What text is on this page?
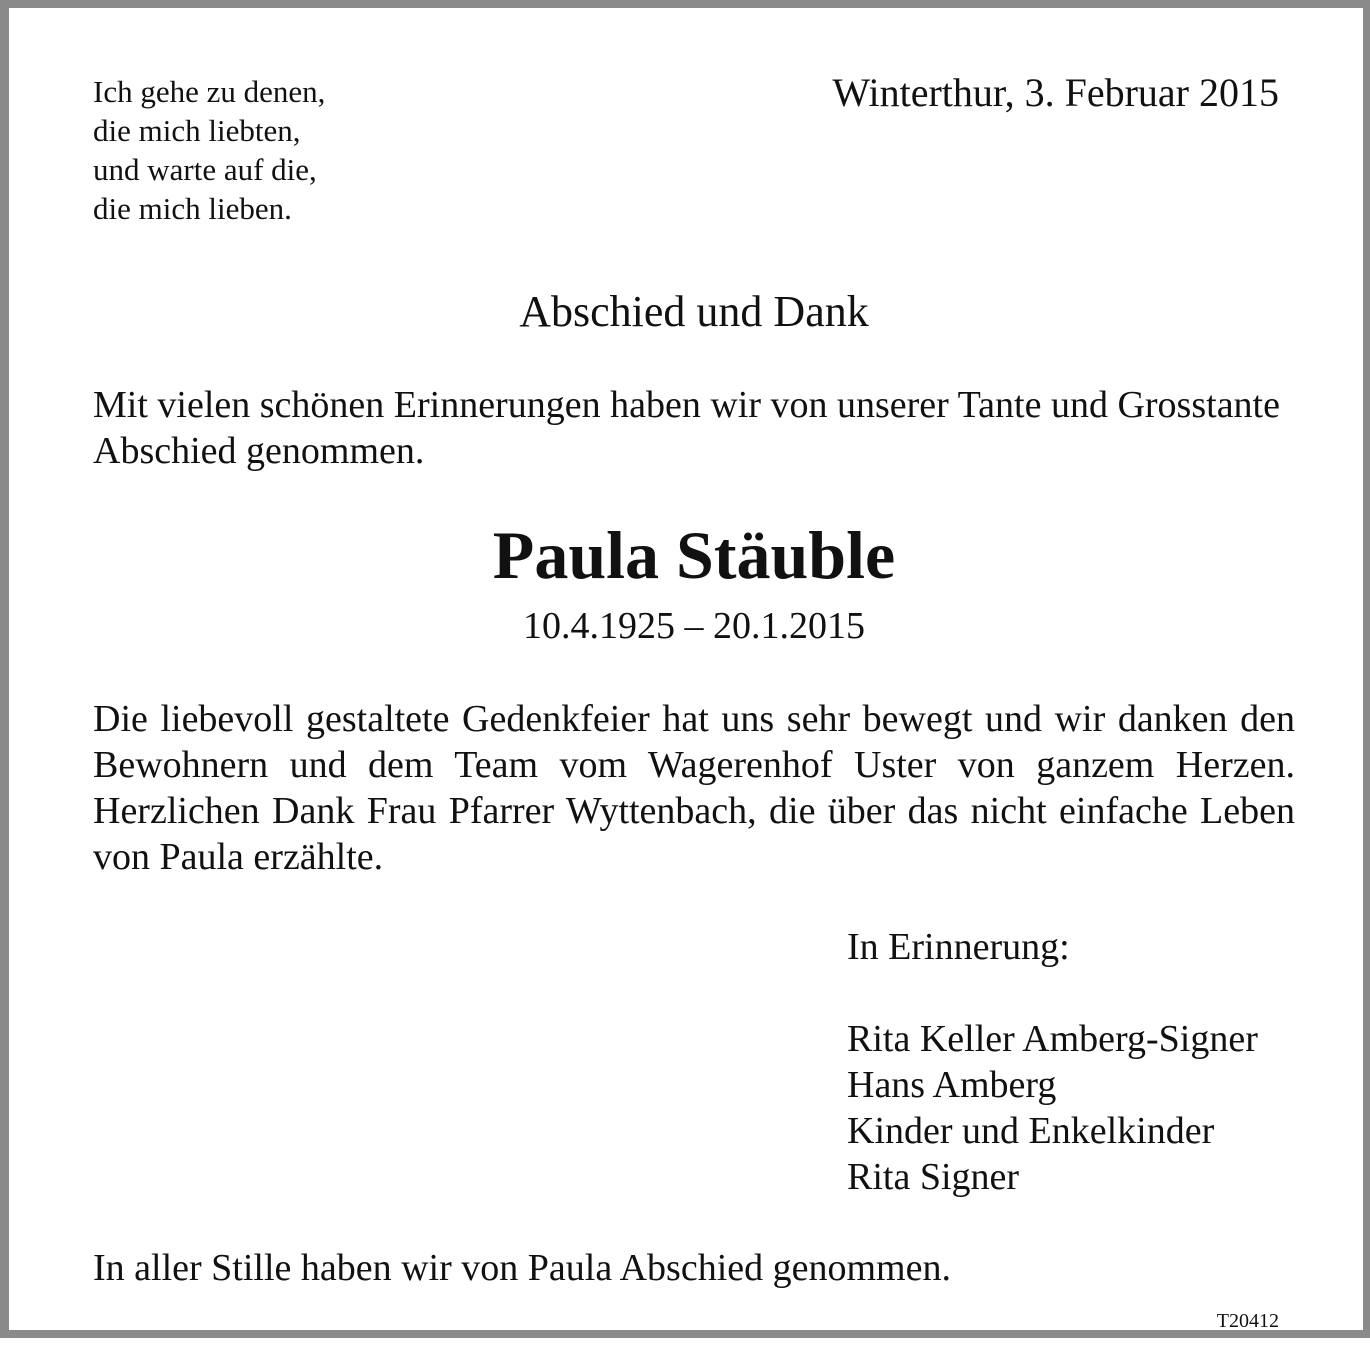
Ich gehe zu denen,
die mich liebten,
und warte auf die,
die mich lieben.
Winterthur, 3. Februar 2015
Abschied und Dank

Mit vielen schönen Erinnerungen haben wir von unserer Tante und Grosstante Abschied genommen.

Paula Stäuble
10.4.1925 – 20.1.2015

Die liebevoll gestaltete Gedenkfeier hat uns sehr bewegt und wir danken den Bewohnern und dem Team vom Wagerenhof Uster von ganzem Herzen. Herzlichen Dank Frau Pfarrer Wyttenbach, die über das nicht einfache Leben von Paula erzählte.

In Erinnerung:
Rita Keller Amberg-Signer
Hans Amberg
Kinder und Enkelkinder
Rita Signer

In aller Stille haben wir von Paula Abschied genommen.

T20412
